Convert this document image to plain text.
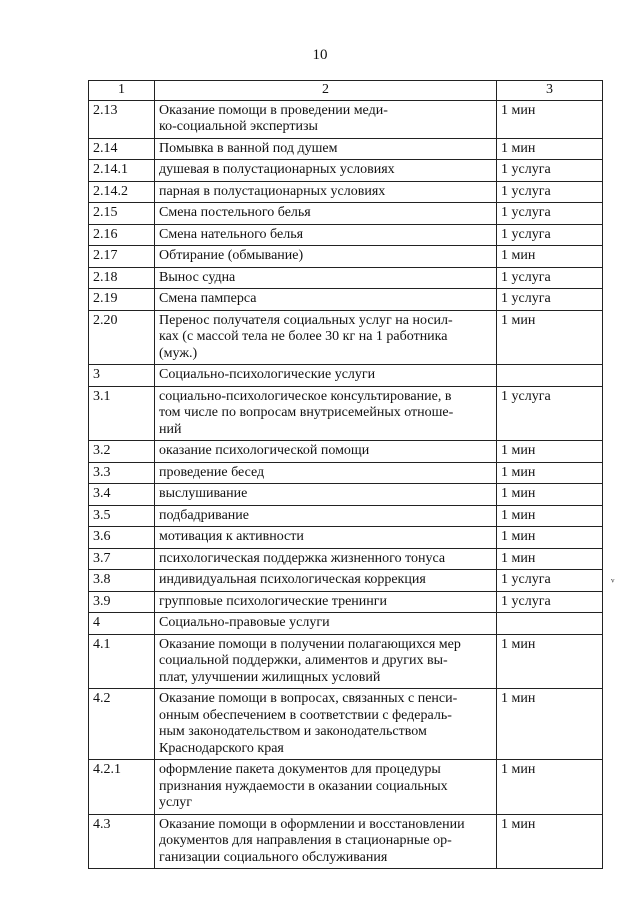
10
1	2	3
2.13	Оказание помощи в проведении меди-
ко-социальной экспертизы	1 мин
2.14	Помывка в ванной под душем	1 мин
2.14.1	душевая в полустационарных условиях	1 услуга
2.14.2	парная в полустационарных условиях	1 услуга
2.15	Смена постельного белья	1 услуга
2.16	Смена нательного белья	1 услуга
2.17	Обтирание (обмывание)	1 мин
2.18	Вынос судна	1 услуга
2.19	Смена памперса	1 услуга
2.20	Перенос получателя социальных услуг на носил-
ках (с массой тела не более 30 кг на 1 работника
(муж.)	1 мин
3	Социально-психологические услуги	
3.1	социально-психологическое консультирование, в
том числе по вопросам внутрисемейных отноше-
ний	1 услуга
3.2	оказание психологической помощи	1 мин
3.3	проведение бесед	1 мин
3.4	выслушивание	1 мин
3.5	подбадривание	1 мин
3.6	мотивация к активности	1 мин
3.7	психологическая поддержка жизненного тонуса	1 мин
3.8	индивидуальная психологическая коррекция	1 услуга
3.9	групповые психологические тренинги	1 услуга
4	Социально-правовые услуги	
4.1	Оказание помощи в получении полагающихся мер
социальной поддержки, алиментов и других вы-
плат, улучшении жилищных условий	1 мин
4.2	Оказание помощи в вопросах, связанных с пенси-
онным обеспечением в соответствии с федераль-
ным законодательством и законодательством
Краснодарского края	1 мин
4.2.1	оформление пакета документов для процедуры
признания нуждаемости в оказании социальных
услуг	1 мин
4.3	Оказание помощи в оформлении и восстановлении
документов для направления в стационарные ор-
ганизации социального обслуживания	1 мин
ᵛ
